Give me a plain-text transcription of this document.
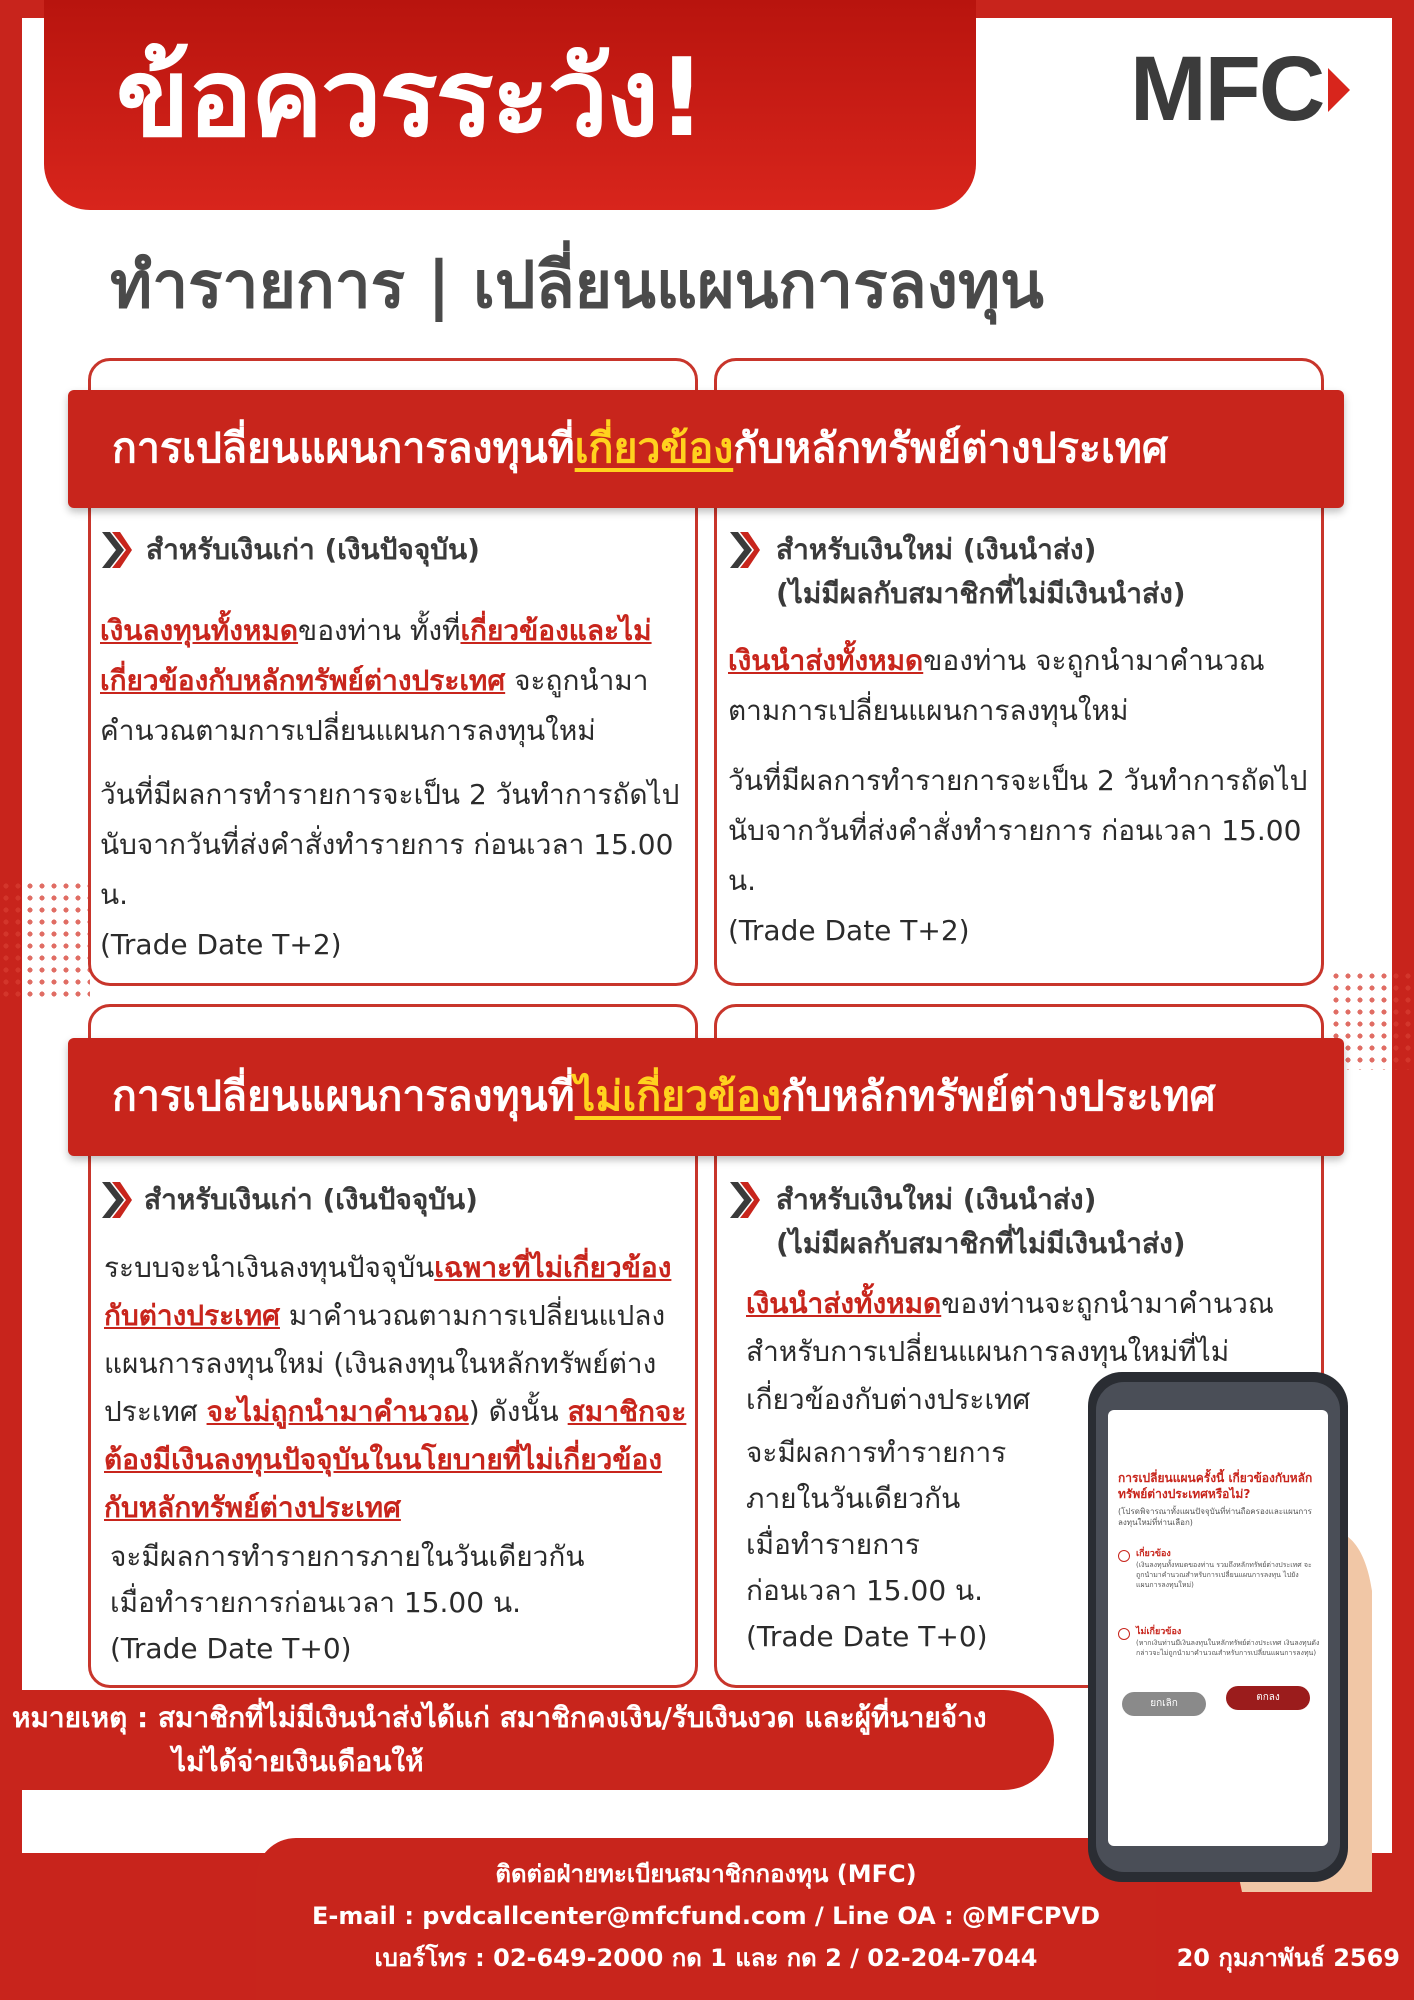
ข้อควรระวัง!	MFC
ทำรายการ | เปลี่ยนแผนการลงทุน
การเปลี่ยนแผนการลงทุนที่เกี่ยวข้องกับหลักทรัพย์ต่างประเทศ
สำหรับเงินเก่า (เงินปัจจุบัน)
เงินลงทุนทั้งหมดของท่าน ทั้งที่เกี่ยวข้องและไม่เกี่ยวข้องกับหลักทรัพย์ต่างประเทศ จะถูกนำมาคำนวณตามการเปลี่ยนแผนการลงทุนใหม่
วันที่มีผลการทำรายการจะเป็น 2 วันทำการถัดไป
นับจากวันที่ส่งคำสั่งทำรายการ ก่อนเวลา 15.00 น.
(Trade Date T+2)
สำหรับเงินใหม่ (เงินนำส่ง)
(ไม่มีผลกับสมาชิกที่ไม่มีเงินนำส่ง)
เงินนำส่งทั้งหมดของท่าน จะถูกนำมาคำนวณตามการเปลี่ยนแผนการลงทุนใหม่
วันที่มีผลการทำรายการจะเป็น 2 วันทำการถัดไป
นับจากวันที่ส่งคำสั่งทำรายการ ก่อนเวลา 15.00 น.
(Trade Date T+2)
การเปลี่ยนแผนการลงทุนที่ไม่เกี่ยวข้องกับหลักทรัพย์ต่างประเทศ
สำหรับเงินเก่า (เงินปัจจุบัน)
ระบบจะนำเงินลงทุนปัจจุบันเฉพาะที่ไม่เกี่ยวข้องกับต่างประเทศ มาคำนวณตามการเปลี่ยนแปลงแผนการลงทุนใหม่ (เงินลงทุนในหลักทรัพย์ต่างประเทศ จะไม่ถูกนำมาคำนวณ) ดังนั้น สมาชิกจะต้องมีเงินลงทุนปัจจุบันในนโยบายที่ไม่เกี่ยวข้องกับหลักทรัพย์ต่างประเทศ
จะมีผลการทำรายการภายในวันเดียวกัน
เมื่อทำรายการก่อนเวลา 15.00 น.
(Trade Date T+0)
สำหรับเงินใหม่ (เงินนำส่ง)
(ไม่มีผลกับสมาชิกที่ไม่มีเงินนำส่ง)
เงินนำส่งทั้งหมดของท่านจะถูกนำมาคำนวณสำหรับการเปลี่ยนแผนการลงทุนใหม่ที่ไม่เกี่ยวข้องกับต่างประเทศ
จะมีผลการทำรายการ
ภายในวันเดียวกัน
เมื่อทำรายการ
ก่อนเวลา 15.00 น.
(Trade Date T+0)
หมายเหตุ : สมาชิกที่ไม่มีเงินนำส่งได้แก่ สมาชิกคงเงิน/รับเงินงวด และผู้ที่นายจ้าง
ไม่ได้จ่ายเงินเดือนให้
ติดต่อฝ่ายทะเบียนสมาชิกกองทุน (MFC)
E-mail : pvdcallcenter@mfcfund.com / Line OA : @MFCPVD
เบอร์โทร : 02-649-2000 กด 1 และ กด 2 / 02-204-7044	20 กุมภาพันธ์ 2569
การเปลี่ยนแผนครั้งนี้ เกี่ยวข้องกับหลักทรัพย์ต่างประเทศหรือไม่?
(โปรดพิจารณาทั้งแผนปัจจุบันที่ท่านถือครองและแผนการลงทุนใหม่ที่ท่านเลือก)
เกี่ยวข้อง
(เงินลงทุนทั้งหมดของท่าน รวมถึงหลักทรัพย์ต่างประเทศ จะถูกนำมาคำนวณสำหรับการเปลี่ยนแผนการลงทุน ไปยังแผนการลงทุนใหม่)
ไม่เกี่ยวข้อง
(หากเงินท่านมีเงินลงทุนในหลักทรัพย์ต่างประเทศ เงินลงทุนดังกล่าวจะไม่ถูกนำมาคำนวณสำหรับการเปลี่ยนแผนการลงทุน)
ยกเลิก
ตกลง
